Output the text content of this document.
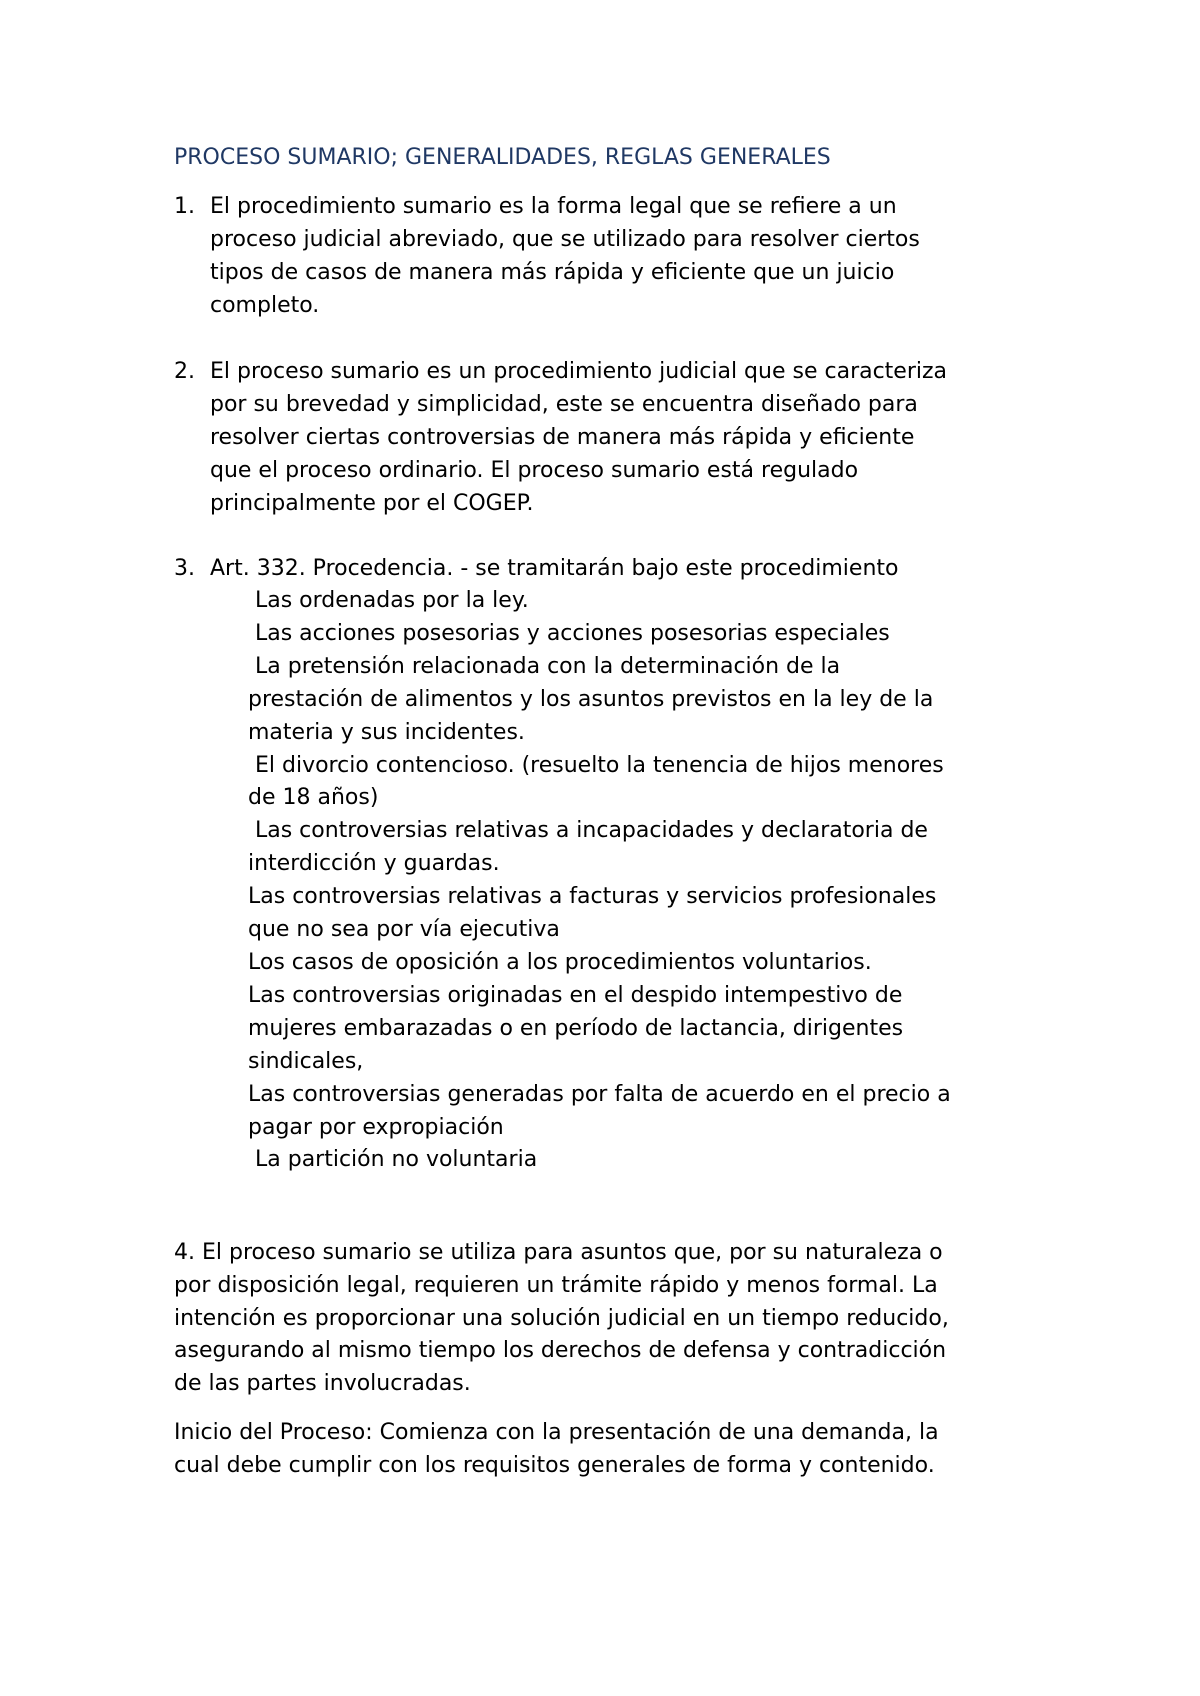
PROCESO SUMARIO; GENERALIDADES, REGLAS GENERALES
1. El procedimiento sumario es la forma legal que se refiere a un
proceso judicial abreviado, que se utilizado para resolver ciertos
tipos de casos de manera más rápida y eficiente que un juicio
completo.
2. El proceso sumario es un procedimiento judicial que se caracteriza
por su brevedad y simplicidad, este se encuentra diseñado para
resolver ciertas controversias de manera más rápida y eficiente
que el proceso ordinario. El proceso sumario está regulado
principalmente por el COGEP.
3. Art. 332. Procedencia. - se tramitarán bajo este procedimiento
Las ordenadas por la ley.
Las acciones posesorias y acciones posesorias especiales
La pretensión relacionada con la determinación de la
prestación de alimentos y los asuntos previstos en la ley de la
materia y sus incidentes.
El divorcio contencioso. (resuelto la tenencia de hijos menores
de 18 años)
Las controversias relativas a incapacidades y declaratoria de
interdicción y guardas.
Las controversias relativas a facturas y servicios profesionales
que no sea por vía ejecutiva
Los casos de oposición a los procedimientos voluntarios.
Las controversias originadas en el despido intempestivo de
mujeres embarazadas o en período de lactancia, dirigentes
sindicales,
Las controversias generadas por falta de acuerdo en el precio a
pagar por expropiación
La partición no voluntaria
4. El proceso sumario se utiliza para asuntos que, por su naturaleza o
por disposición legal, requieren un trámite rápido y menos formal. La
intención es proporcionar una solución judicial en un tiempo reducido,
asegurando al mismo tiempo los derechos de defensa y contradicción
de las partes involucradas.
Inicio del Proceso: Comienza con la presentación de una demanda, la
cual debe cumplir con los requisitos generales de forma y contenido.
